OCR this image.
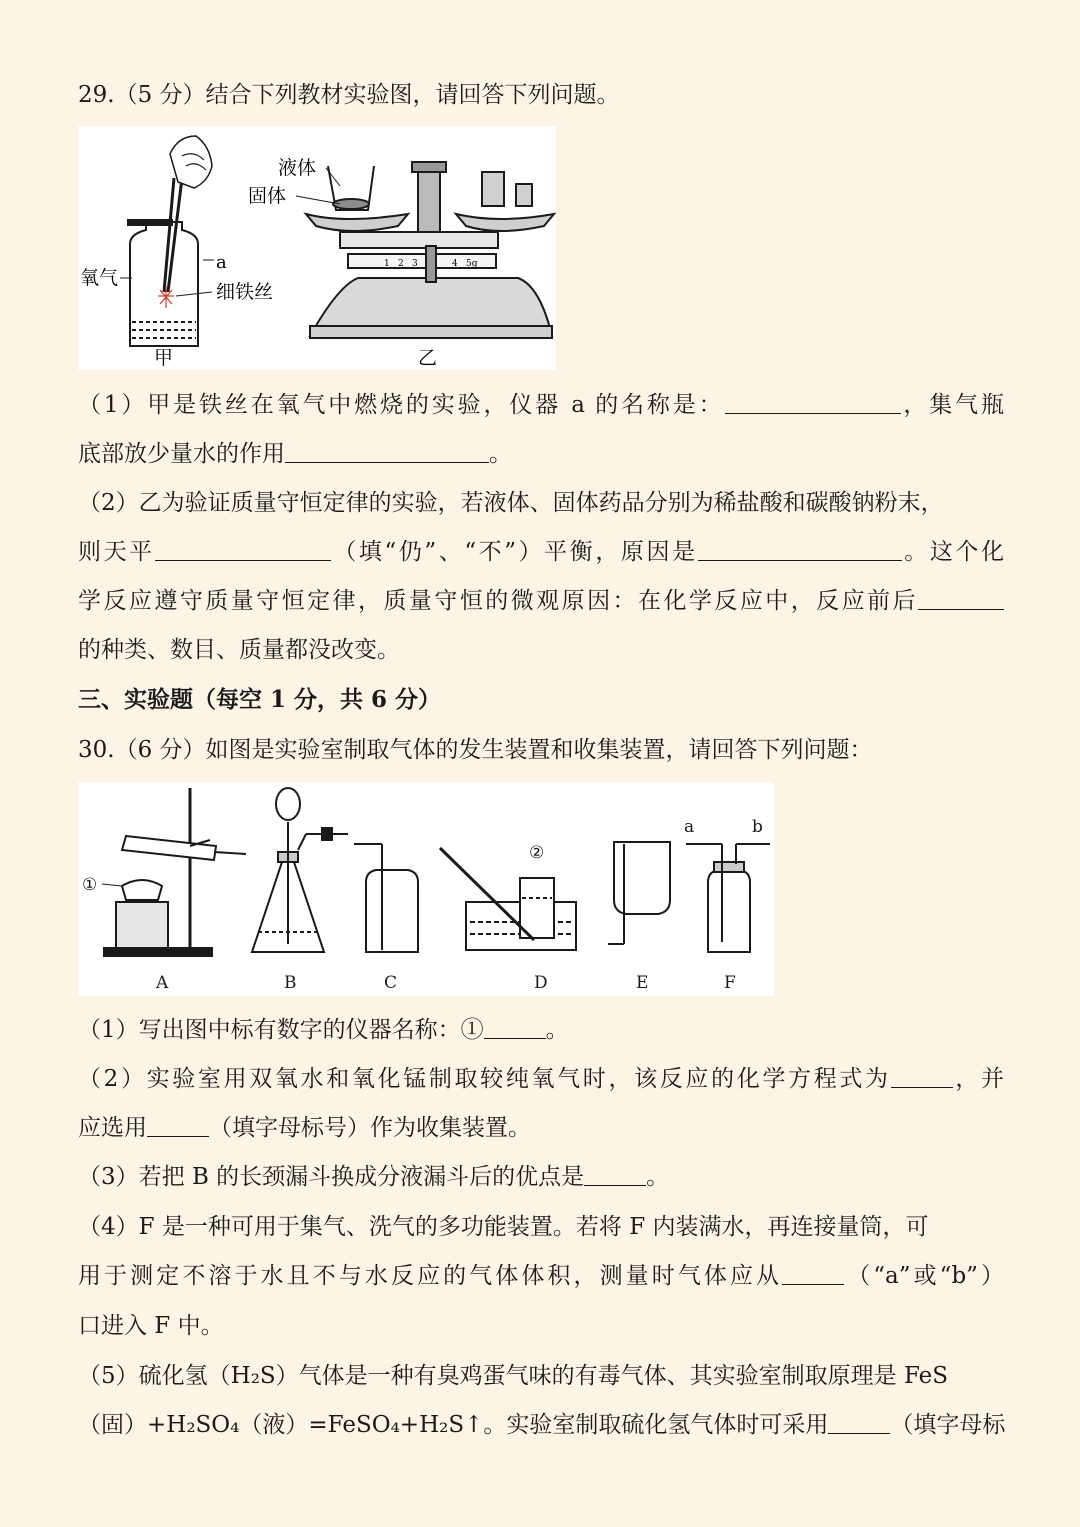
29.（5 分）结合下列教材实验图，请回答下列问题。
a
氧气
细铁丝
甲
1 2 3	4 5g
液体
固体
乙
（1）甲是铁丝在氧气中燃烧的实验，仪器 a 的名称是：	，集气瓶
底部放少量水的作用	。
（2）乙为验证质量守恒定律的实验，若液体、固体药品分别为稀盐酸和碳酸钠粉末，
则天平	（填“仍”、“不”）平衡，原因是	。这个化
学反应遵守质量守恒定律，质量守恒的微观原因：在化学反应中，反应前后
的种类、数目、质量都没改变。
三、实验题（每空 1 分，共 6 分）
30.（6 分）如图是实验室制取气体的发生装置和收集装置，请回答下列问题：
①
②
a	b
A	B	C	D	E	F
（1）写出图中标有数字的仪器名称：①	。
（2）实验室用双氧水和氧化锰制取较纯氧气时，该反应的化学方程式为	，并
应选用	（填字母标号）作为收集装置。
（3）若把 B 的长颈漏斗换成分液漏斗后的优点是	。
（4）F 是一种可用于集气、洗气的多功能装置。若将 F 内装满水，再连接量筒，可
用于测定不溶于水且不与水反应的气体体积，测量时气体应从	（“a”或“b”）
口进入 F 中。
（5）硫化氢（H₂S）气体是一种有臭鸡蛋气味的有毒气体、其实验室制取原理是 FeS
（固）+H₂SO₄（液）=FeSO₄+H₂S↑。实验室制取硫化氢气体时可采用	（填字母标
